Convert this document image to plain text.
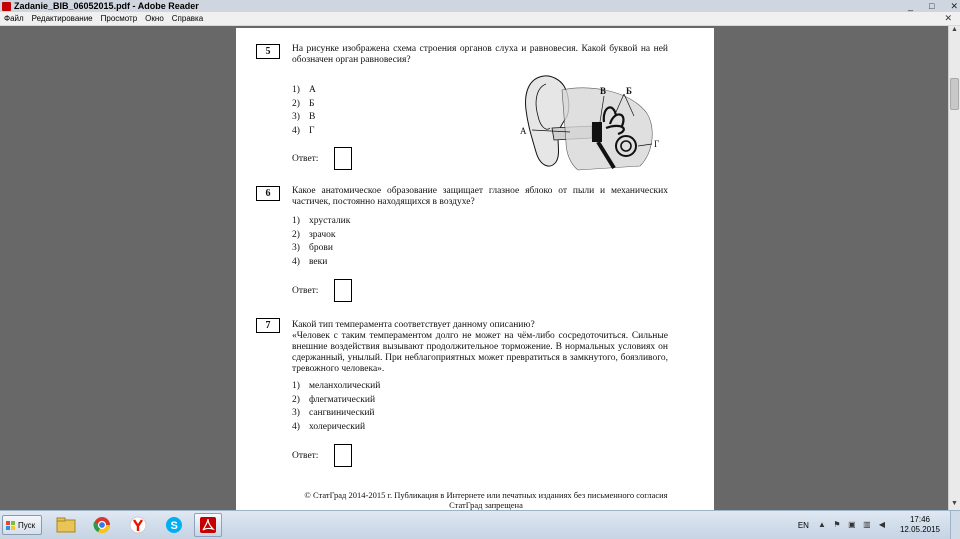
Zadanie_BIB_06052015.pdf - Adobe Reader	_ □ ✕
Файл	Редактирование	Просмотр	Окно	Справка	✕
▲
▼
5	На рисунке изображена схема строения органов слуха и равновесия. Какой буквой на ней обозначен орган равновесия?
1) А
2) Б
3) В
4) Г
Ответ:
А
Б
В
Г
6	Какое анатомическое образование защищает глазное яблоко от пыли и механических частичек, постоянно находящихся в воздухе?
1) хрусталик
2) зрачок
3) брови
4) веки
Ответ:
7	Какой тип темперамента соответствует данному описанию?
«Человек с таким темпераментом долго не может на чём-либо сосредоточиться. Сильные внешние воздействия вызывают продолжительное торможение. В нормальных условиях он сдержанный, унылый. При неблагоприятных может превратиться в замкнутого, боязливого, тревожного человека».
1) меланхолический
2) флегматический
3) сангвинический
4) холерический
Ответ:
© СтатГрад 2014-2015 г. Публикация в Интернете или печатных изданиях без письменного согласия СтатГрад запрещена
Пуск	S	EN ▲ ⚑ ▣ ▥ ◀
17:46
12.05.2015
